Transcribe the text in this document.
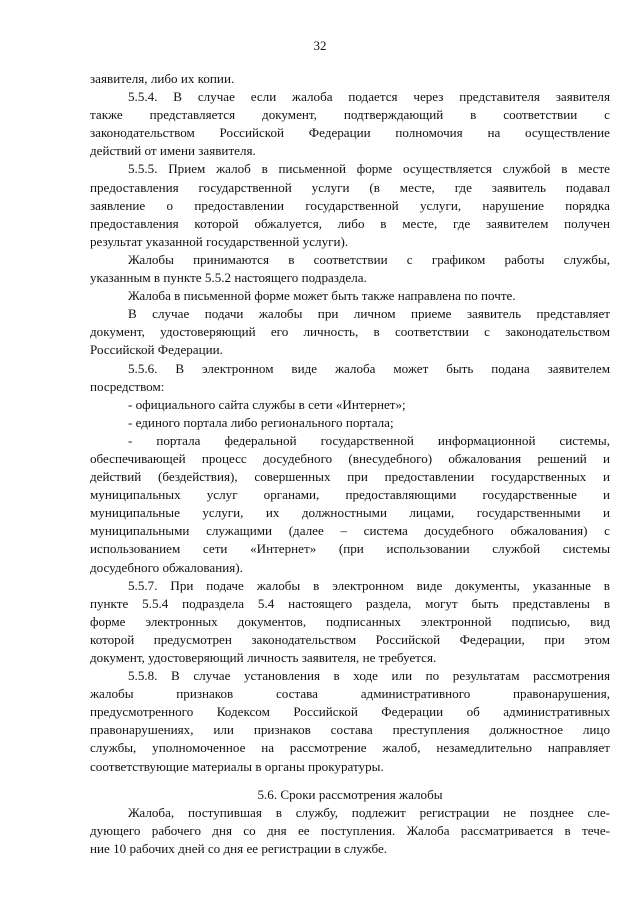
32
заявителя, либо их копии.
5.5.4. В случае если жалоба подается через представителя заявителя
также представляется документ, подтверждающий в соответствии с
законодательством Российской Федерации полномочия на осуществление
действий от имени заявителя.
5.5.5. Прием жалоб в письменной форме осуществляется службой в месте
предоставления государственной услуги (в месте, где заявитель подавал
заявление о предоставлении государственной услуги, нарушение порядка
предоставления которой обжалуется, либо в месте, где заявителем получен
результат указанной государственной услуги).
Жалобы принимаются в соответствии с графиком работы службы,
указанным в пункте 5.5.2 настоящего подраздела.
Жалоба в письменной форме может быть также направлена по почте.
В случае подачи жалобы при личном приеме заявитель представляет
документ, удостоверяющий его личность, в соответствии с законодательством
Российской Федерации.
5.5.6. В электронном виде жалоба может быть подана заявителем
посредством:
- официального сайта службы в сети «Интернет»;
- единого портала либо регионального портала;
- портала федеральной государственной информационной системы,
обеспечивающей процесс досудебного (внесудебного) обжалования решений и
действий (бездействия), совершенных при предоставлении государственных и
муниципальных услуг органами, предоставляющими государственные и
муниципальные услуги, их должностными лицами, государственными и
муниципальными служащими (далее – система досудебного обжалования) с
использованием сети «Интернет» (при использовании службой системы
досудебного обжалования).
5.5.7. При подаче жалобы в электронном виде документы, указанные в
пункте 5.5.4 подраздела 5.4 настоящего раздела, могут быть представлены в
форме электронных документов, подписанных электронной подписью, вид
которой предусмотрен законодательством Российской Федерации, при этом
документ, удостоверяющий личность заявителя, не требуется.
5.5.8. В случае установления в ходе или по результатам рассмотрения
жалобы признаков состава административного правонарушения,
предусмотренного Кодексом Российской Федерации об административных
правонарушениях, или признаков состава преступления должностное лицо
службы, уполномоченное на рассмотрение жалоб, незамедлительно направляет
соответствующие материалы в органы прокуратуры.
5.6. Сроки рассмотрения жалобы
Жалоба, поступившая в службу, подлежит регистрации не позднее сле-
дующего рабочего дня со дня ее поступления. Жалоба рассматривается в тече-
ние 10 рабочих дней со дня ее регистрации в службе.
